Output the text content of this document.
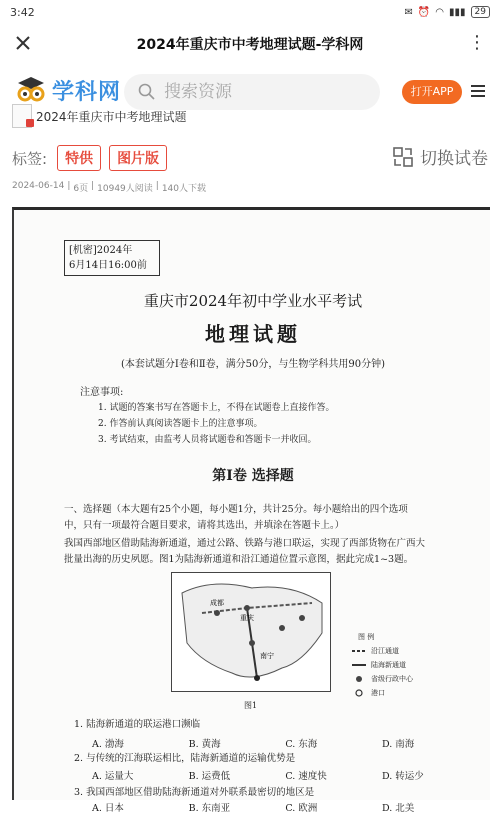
3:42	✉ ⏰ ◠ ▮▮▮	29
2024年重庆市中考地理试题-学科网	⋮
学科网
搜索资源	打开APP
2024年重庆市中考地理试题
标签:	特供	图片版	切换试卷
2024-06-14 | 6页 | 10949人阅读 | 140人下载
[机密]2024年
6月14日16:00前
重庆市2024年初中学业水平考试
地理试题
(本套试题分Ⅰ卷和Ⅱ卷，满分50分，与生物学科共用90分钟)
注意事项:
1. 试题的答案书写在答题卡上，不得在试题卷上直接作答。
2. 作答前认真阅读答题卡上的注意事项。
3. 考试结束，由监考人员将试题卷和答题卡一并收回。
第Ⅰ卷 选择题
一、选择题（本大题有25个小题，每小题1分，共计25分。每小题给出的四个选项
中，只有一项最符合题目要求，请将其选出，并填涂在答题卡上。）
我国西部地区借助陆海新通道，通过公路、铁路与港口联运，实现了西部货物在广西大
批量出海的历史夙愿。图1为陆海新通道和沿江通道位置示意图，据此完成1~3题。
成都
重庆
南宁
图 例
沿江通道
陆海新通道
省级行政中心
港口
图1
1. 陆海新通道的联运港口濒临
A. 渤海	B. 黄海	C. 东海	D. 南海
2. 与传统的江海联运相比，陆海新通道的运输优势是
A. 运量大	B. 运费低	C. 速度快	D. 转运少
3. 我国西部地区借助陆海新通道对外联系最密切的地区是
A. 日本	B. 东南亚	C. 欧洲	D. 北美
